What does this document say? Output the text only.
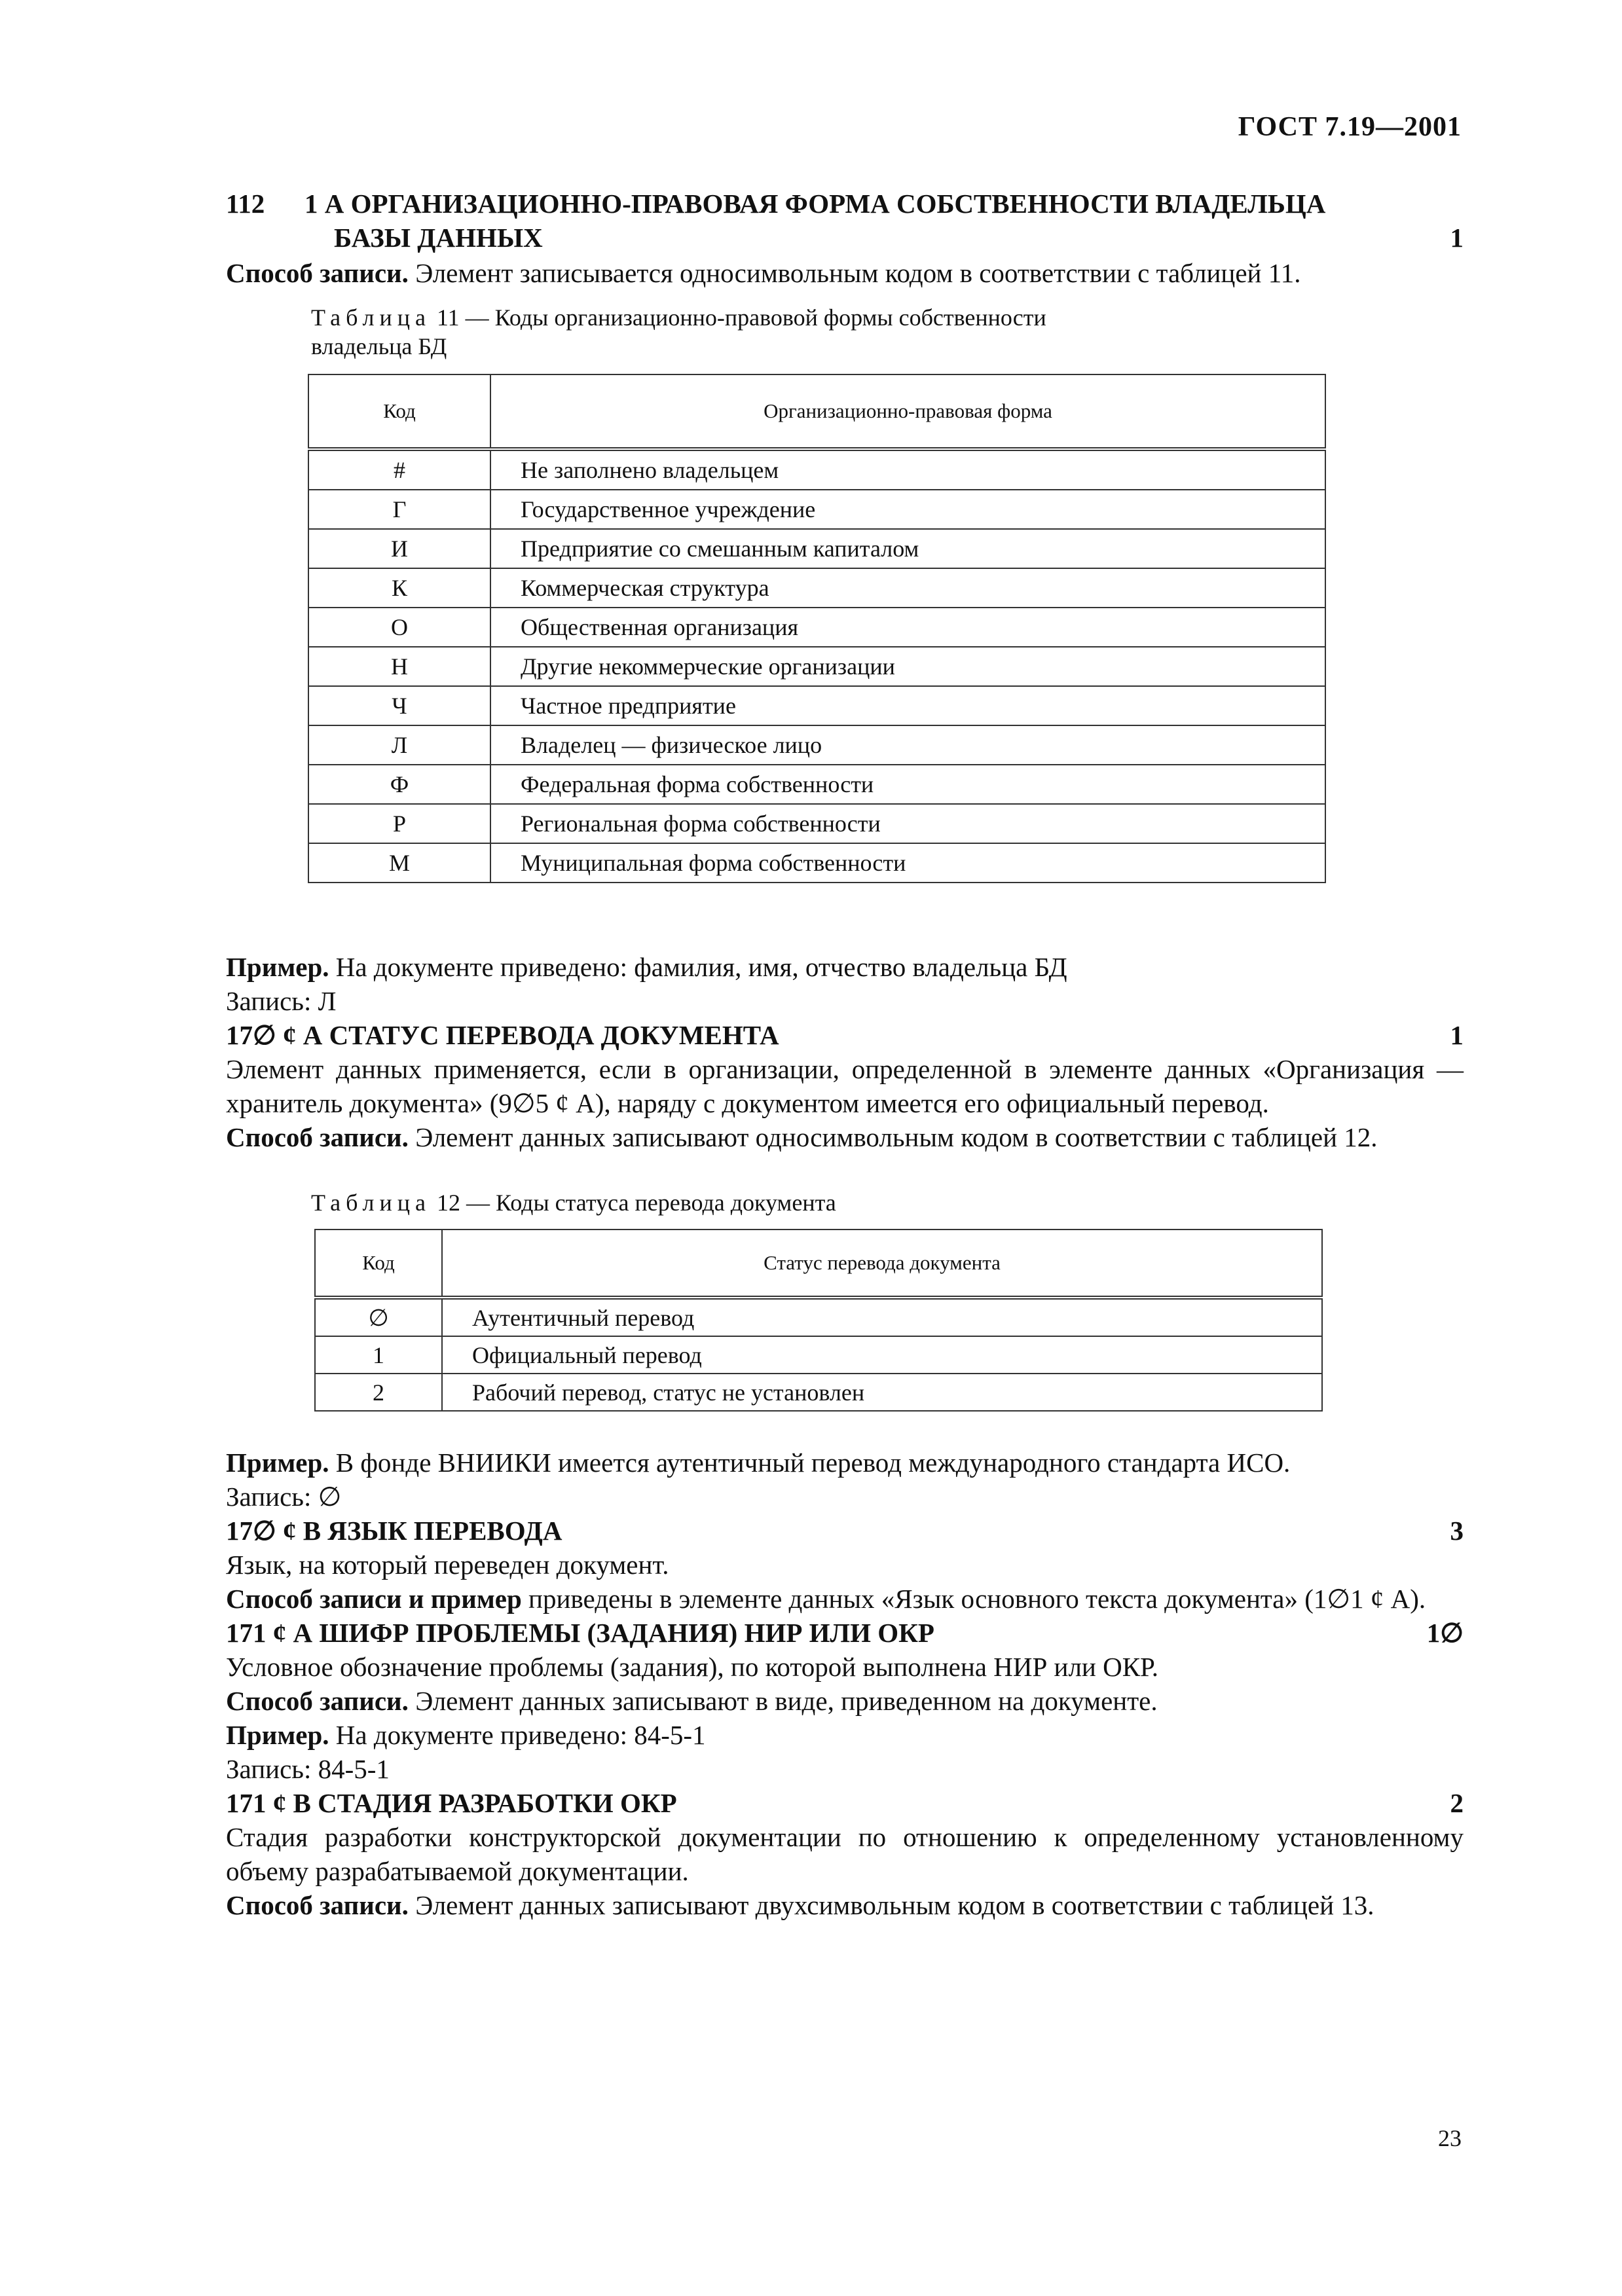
ГОСТ 7.19—2001
112 1 А ОРГАНИЗАЦИОННО-ПРАВОВАЯ ФОРМА СОБСТВЕННОСТИ ВЛАДЕЛЬЦА
БАЗЫ ДАННЫХ	1

Способ записи. Элемент записывается односимвольным кодом в соответствии с таблицей 11.

Таблица 11 — Коды организационно-правовой формы собственности
владельца БД
Код	Организационно-правовая форма
#	Не заполнено владельцем
Г	Государственное учреждение
И	Предприятие со смешанным капиталом
К	Коммерческая структура
О	Общественная организация
Н	Другие некоммерческие организации
Ч	Частное предприятие
Л	Владелец — физическое лицо
Ф	Федеральная форма собственности
Р	Региональная форма собственности
М	Муниципальная форма собственности

Пример. На документе приведено: фамилия, имя, отчество владельца БД

Запись: Л

17∅ ¢ А СТАТУС ПЕРЕВОДА ДОКУМЕНТА	1

Элемент данных применяется, если в организации, определенной в элементе данных «Организация — хранитель документа» (9∅5 ¢ А), наряду с документом имеется его официальный перевод.

Способ записи. Элемент данных записывают односимвольным кодом в соответствии с таблицей 12.

Таблица 12 — Коды статуса перевода документа
Код	Статус перевода документа
∅	Аутентичный перевод
1	Официальный перевод
2	Рабочий перевод, статус не установлен

Пример. В фонде ВНИИКИ имеется аутентичный перевод международного стандарта ИСО.

Запись: ∅

17∅ ¢ В ЯЗЫК ПЕРЕВОДА	3

Язык, на который переведен документ.

Способ записи и пример приведены в элементе данных «Язык основного текста документа» (1∅1 ¢ А).

171 ¢ А ШИФР ПРОБЛЕМЫ (ЗАДАНИЯ) НИР ИЛИ ОКР	1∅

Условное обозначение проблемы (задания), по которой выполнена НИР или ОКР.

Способ записи. Элемент данных записывают в виде, приведенном на документе.

Пример. На документе приведено: 84-5-1

Запись: 84-5-1

171 ¢ В СТАДИЯ РАЗРАБОТКИ ОКР	2

Стадия разработки конструкторской документации по отношению к определенному установленному объему разрабатываемой документации.

Способ записи. Элемент данных записывают двухсимвольным кодом в соответствии с таблицей 13.

23
